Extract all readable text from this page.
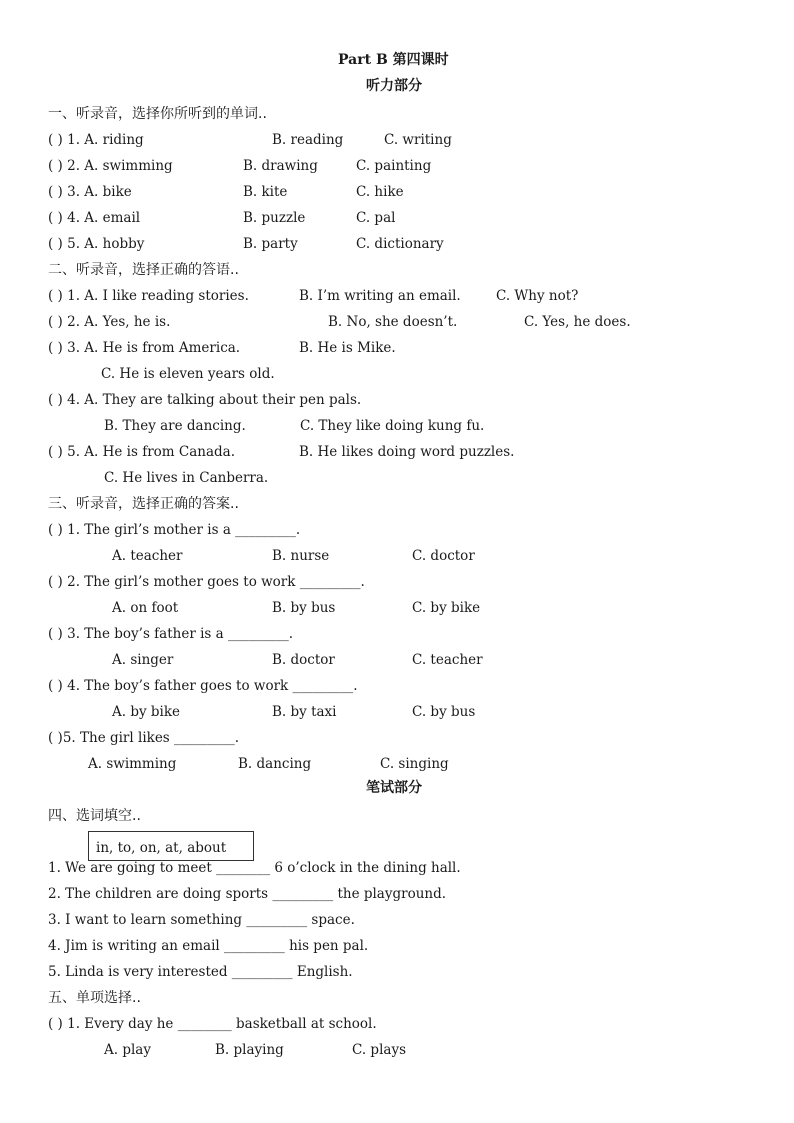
Part B 第四课时
听力部分
一、听录音，选择你所听到的单词..
( ) 1. A. riding	B. reading	C. writing
( ) 2. A. swimming	B. drawing	C. painting
( ) 3. A. bike	B. kite	C. hike
( ) 4. A. email	B. puzzle	C. pal
( ) 5. A. hobby	B. party	C. dictionary
二、听录音，选择正确的答语..
( ) 1. A. I like reading stories.	B. I’m writing an email.	C. Why not?
( ) 2. A. Yes, he is.	B. No, she doesn’t.	C. Yes, he does.
( ) 3. A. He is from America.	B. He is Mike.
C. He is eleven years old.
( ) 4. A. They are talking about their pen pals.
B. They are dancing.	C. They like doing kung fu.
( ) 5. A. He is from Canada.	B. He likes doing word puzzles.
C. He lives in Canberra.
三、听录音，选择正确的答案..
( ) 1. The girl’s mother is a _________.
A. teacher	B. nurse	C. doctor
( ) 2. The girl’s mother goes to work _________.
A. on foot	B. by bus	C. by bike
( ) 3. The boy’s father is a _________.
A. singer	B. doctor	C. teacher
( ) 4. The boy’s father goes to work _________.
A. by bike	B. by taxi	C. by bus
( )5. The girl likes _________.
A. swimming	B. dancing	C. singing
笔试部分
四、选词填空..
in, to, on, at, about
1. We are going to meet ________ 6 o’clock in the dining hall.
2. The children are doing sports _________ the playground.
3. I want to learn something _________ space.
4. Jim is writing an email _________ his pen pal.
5. Linda is very interested _________ English.
五、单项选择..
( ) 1. Every day he ________ basketball at school.
A. play	B. playing	C. plays
